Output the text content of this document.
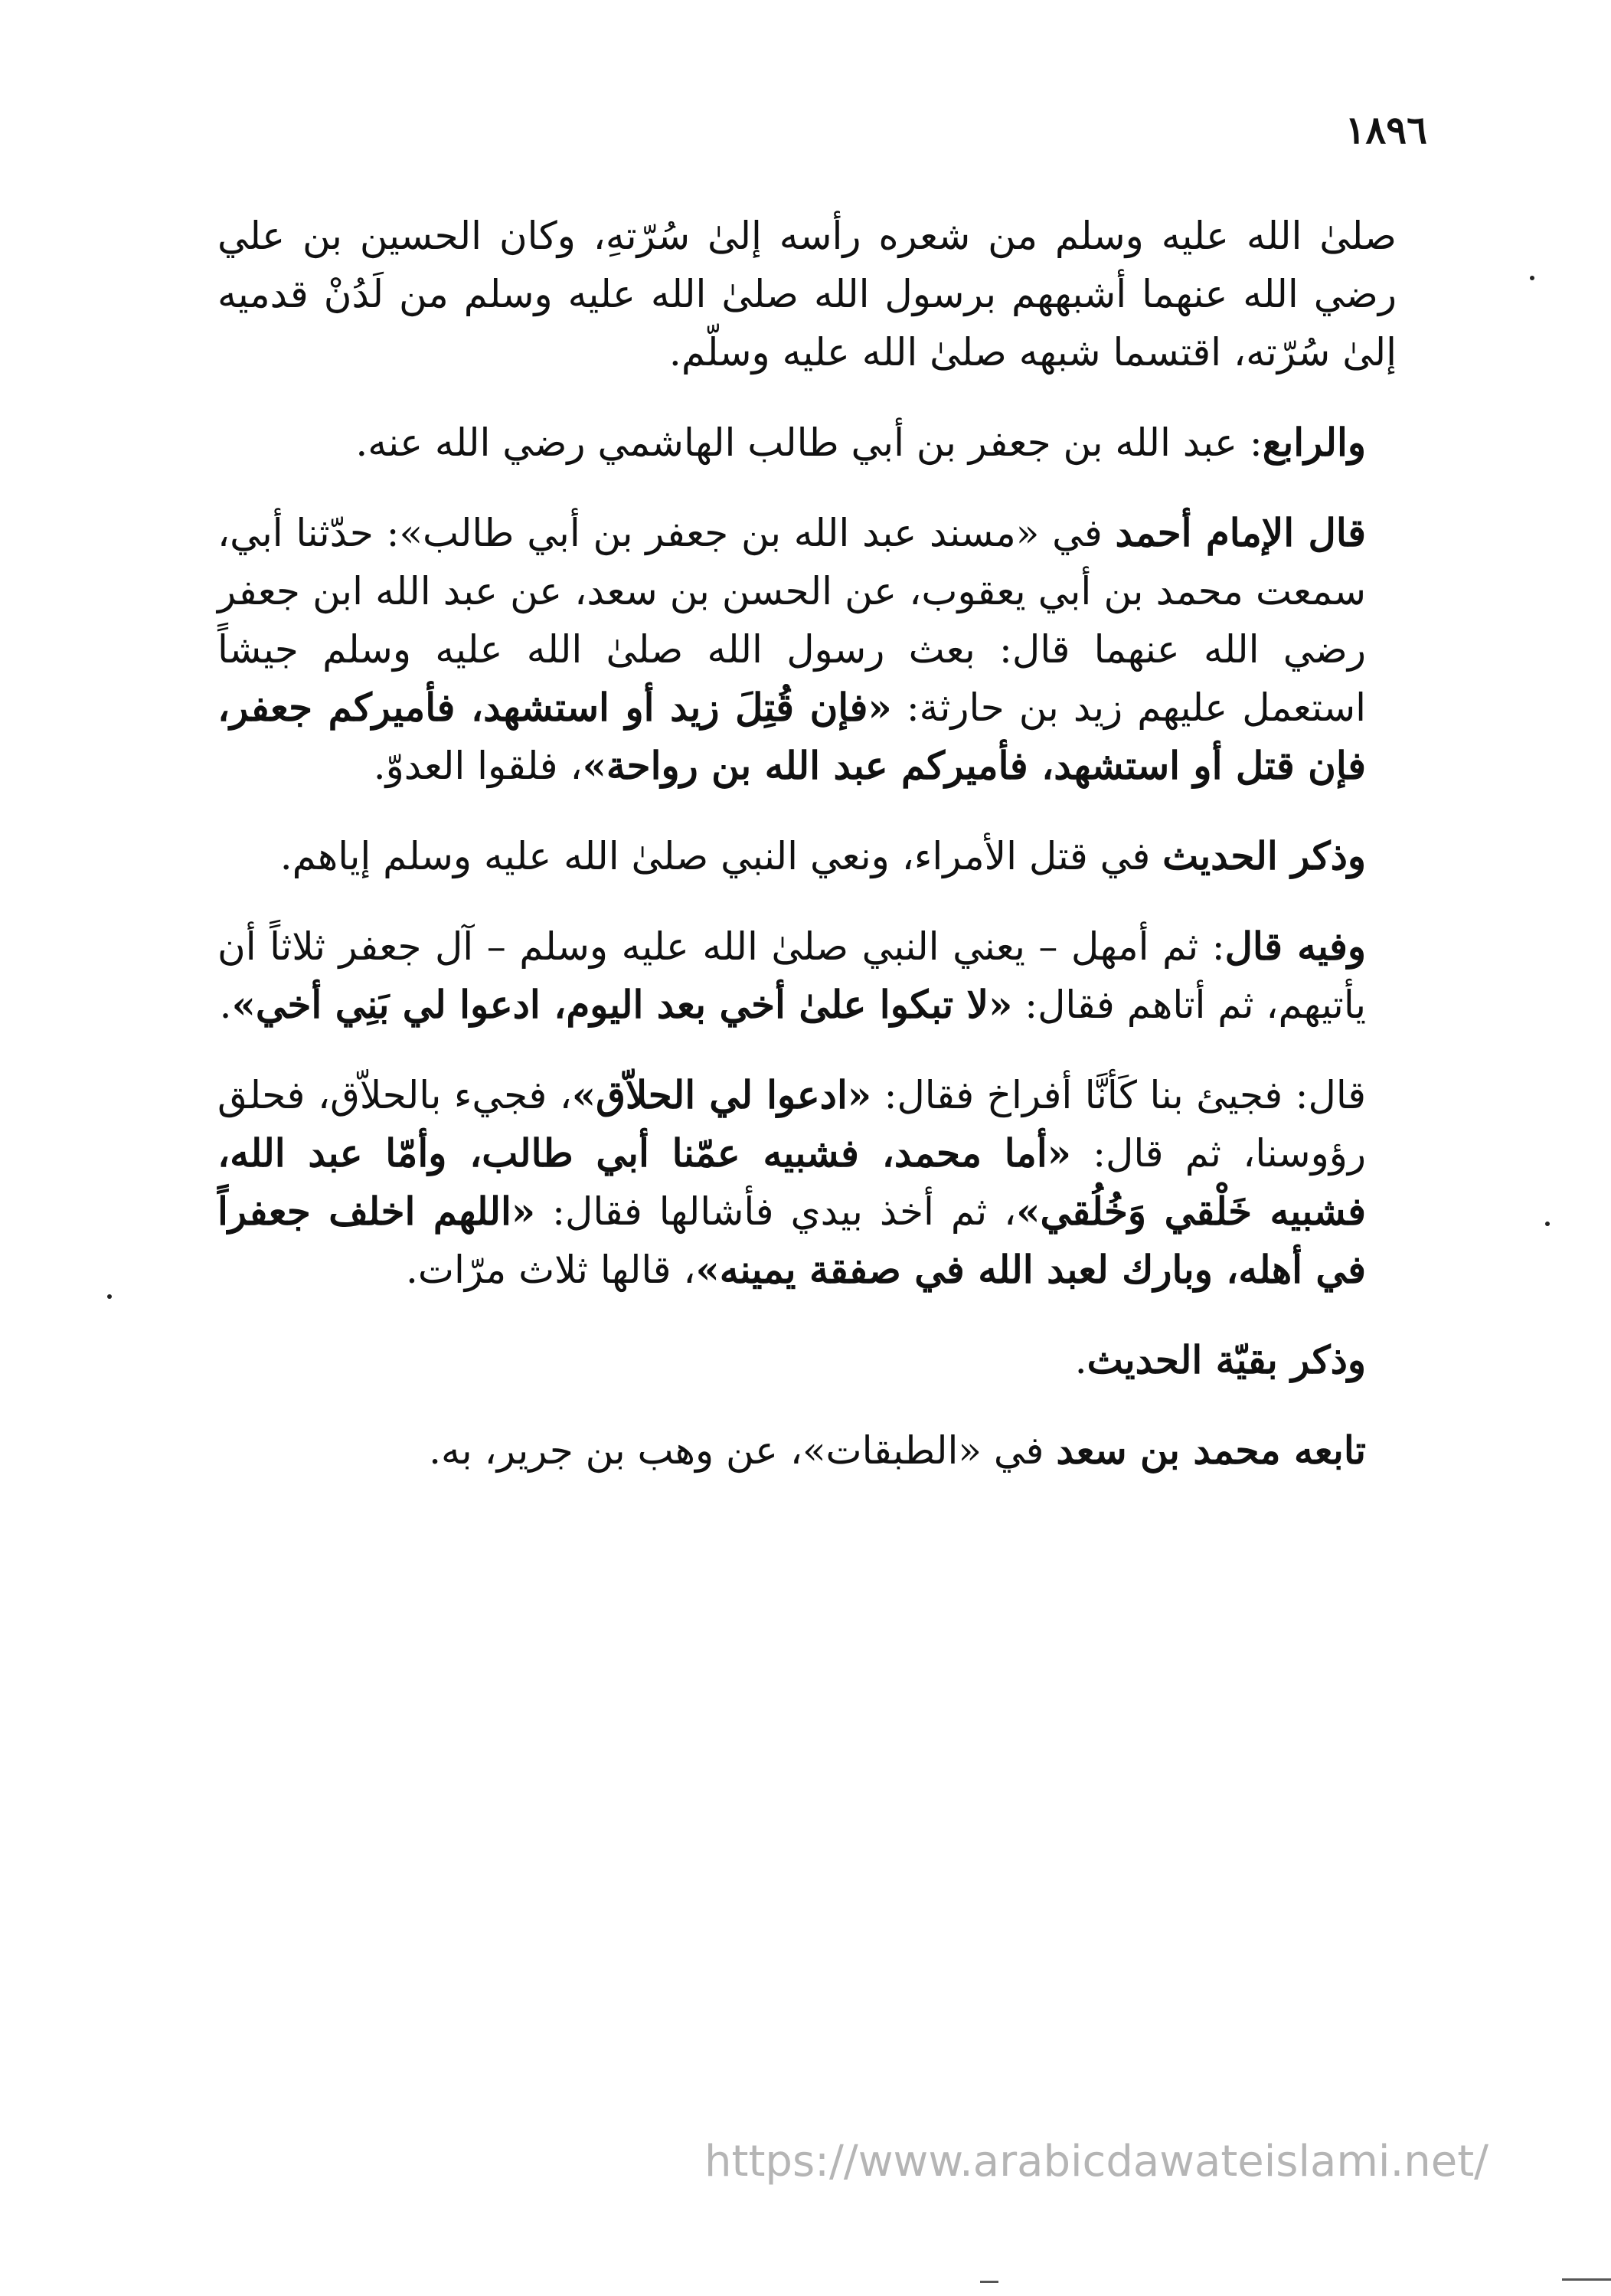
١٨٩٦

صلىٰ الله عليه وسلم من شعره رأسه إلىٰ سُرّتهِ، وكان الحسين بن علي رضي الله عنهما أشبههم برسول الله صلىٰ الله عليه وسلم من لَدُنْ قدميه إلىٰ سُرّته، اقتسما شبهه صلىٰ الله عليه وسلّم.

والرابع: عبد الله بن جعفر بن أبي طالب الهاشمي رضي الله عنه.

قال الإمام أحمد في «مسند عبد الله بن جعفر بن أبي طالب»: حدّثنا أبي، سمعت محمد بن أبي يعقوب، عن الحسن بن سعد، عن عبد الله ابن جعفر رضي الله عنهما قال: بعث رسول الله صلىٰ الله عليه وسلم جيشاً استعمل عليهم زيد بن حارثة: «فإن قُتِلَ زيد أو استشهد، فأميركم جعفر، فإن قتل أو استشهد، فأميركم عبد الله بن رواحة»، فلقوا العدوّ.

وذكر الحديث في قتل الأمراء، ونعي النبي صلىٰ الله عليه وسلم إياهم.

وفيه قال: ثم أمهل – يعني النبي صلىٰ الله عليه وسلم – آل جعفر ثلاثاً أن يأتيهم، ثم أتاهم فقال: «لا تبكوا علىٰ أخي بعد اليوم، ادعوا لي بَنِي أخي».

قال: فجيئ بنا كَأنَّا أفراخ فقال: «ادعوا لي الحلاّق»، فجيء بالحلاّق، فحلق رؤوسنا، ثم قال: «أما محمد، فشبيه عمّنا أبي طالب، وأمّا عبد الله، فشبيه خَلْقي وَخُلُقي»، ثم أخذ بيدي فأشالها فقال: «اللهم اخلف جعفراً في أهله، وبارك لعبد الله في صفقة يمينه»، قالها ثلاث مرّات.

وذكر بقيّة الحديث.

تابعه محمد بن سعد في «الطبقات»، عن وهب بن جرير، به.

https://www.arabicdawateislami.net/
